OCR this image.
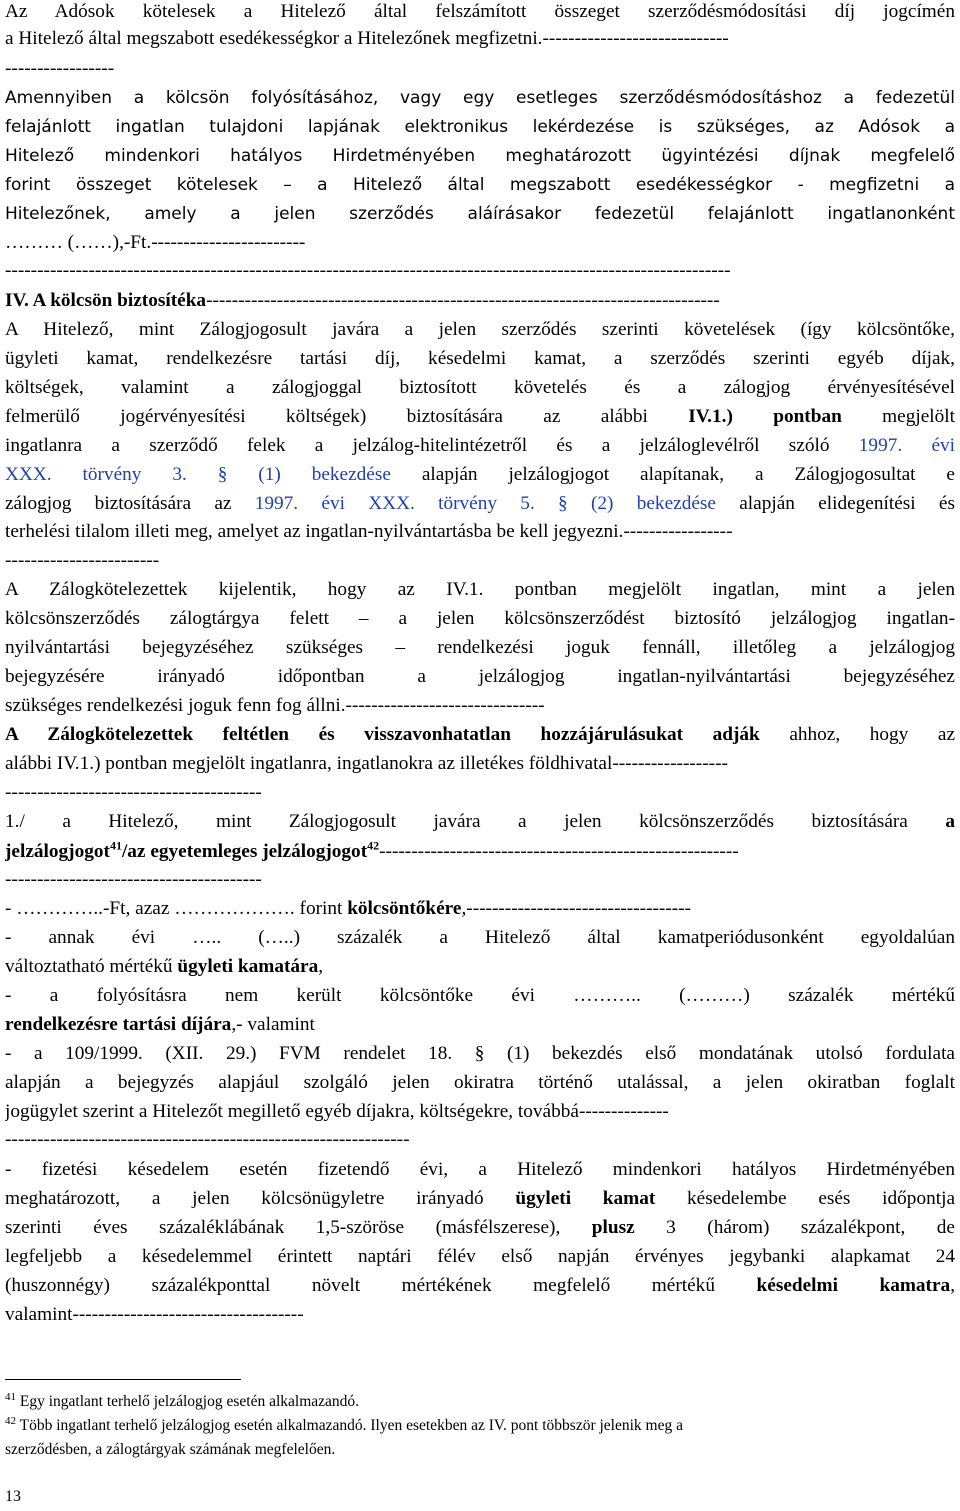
Az Adósok kötelesek a Hitelező által felszámított összeget szerződésmódosítási díj jogcímén
a Hitelező által megszabott esedékességkor a Hitelezőnek megfizetni.-----------------------------
-----------------
Amennyiben a kölcsön folyósításához, vagy egy esetleges szerződésmódosításhoz a fedezetül
felajánlott ingatlan tulajdoni lapjának elektronikus lekérdezése is szükséges, az Adósok a
Hitelező mindenkori hatályos Hirdetményében meghatározott ügyintézési díjnak megfelelő
forint összeget kötelesek – a Hitelező által megszabott esedékességkor - megfizetni a
Hitelezőnek, amely a jelen szerződés aláírásakor fedezetül felajánlott ingatlanonként
……… (……),-Ft.------------------------
-----------------------------------------------------------------------------------------------------------------
IV. A kölcsön biztosítéka--------------------------------------------------------------------------------
A Hitelező, mint Zálogjogosult javára a jelen szerződés szerinti követelések (így kölcsöntőke,
ügyleti kamat, rendelkezésre tartási díj, késedelmi kamat, a szerződés szerinti egyéb díjak,
költségek, valamint a zálogjoggal biztosított követelés és a zálogjog érvényesítésével
felmerülő jogérvényesítési költségek) biztosítására az alábbi IV.1.) pontban megjelölt
ingatlanra a szerződő felek a jelzálog-hitelintézetről és a jelzáloglevélről szóló 1997. évi
XXX. törvény 3. § (1) bekezdése alapján jelzálogjogot alapítanak, a Zálogjogosultat e
zálogjog biztosítására az 1997. évi XXX. törvény 5. § (2) bekezdése alapján elidegenítési és
terhelési tilalom illeti meg, amelyet az ingatlan-nyilvántartásba be kell jegyezni.-----------------
------------------------
A Zálogkötelezettek kijelentik, hogy az IV.1. pontban megjelölt ingatlan, mint a jelen
kölcsönszerződés zálogtárgya felett – a jelen kölcsönszerződést biztosító jelzálogjog ingatlan-
nyilvántartási bejegyzéséhez szükséges – rendelkezési joguk fennáll, illetőleg a jelzálogjog
bejegyzésére irányadó időpontban a jelzálogjog ingatlan-nyilvántartási bejegyzéséhez
szükséges rendelkezési joguk fenn fog állni.-------------------------------
A Zálogkötelezettek feltétlen és visszavonhatatlan hozzájárulásukat adják ahhoz, hogy az
alábbi IV.1.) pontban megjelölt ingatlanra, ingatlanokra az illetékes földhivatal------------------
----------------------------------------
1./ a Hitelező, mint Zálogjogosult javára a jelen kölcsönszerződés biztosítására a
jelzálogjogot$^{41}$/az egyetemleges jelzálogjogot$^{42}$--------------------------------------------------------
----------------------------------------
- …………..-Ft, azaz ………………. forint kölcsöntőkére,-----------------------------------
- annak évi ….. (…..) százalék a Hitelező által kamatperiódusonként egyoldalúan
változtatható mértékű ügyleti kamatára,
- a folyósításra nem került kölcsöntőke évi ……….. (………) százalék mértékű
rendelkezésre tartási díjára,- valamint
- a 109/1999. (XII. 29.) FVM rendelet 18. § (1) bekezdés első mondatának utolsó fordulata
alapján a bejegyzés alapjául szolgáló jelen okiratra történő utalással, a jelen okiratban foglalt
jogügylet szerint a Hitelezőt megillető egyéb díjakra, költségekre, továbbá--------------
---------------------------------------------------------------
- fizetési késedelem esetén fizetendő évi, a Hitelező mindenkori hatályos Hirdetményében
meghatározott, a jelen kölcsönügyletre irányadó ügyleti kamat késedelembe esés időpontja
szerinti éves százaléklábának 1,5-szöröse (másfélszerese), plusz 3 (három) százalékpont, de
legfeljebb a késedelemmel érintett naptári félév első napján érvényes jegybanki alapkamat 24
(huszonnégy) százalékponttal növelt mértékének megfelelő mértékű késedelmi kamatra,
valamint------------------------------------
$^{41}$ Egy ingatlant terhelő jelzálogjog esetén alkalmazandó.
$^{42}$ Több ingatlant terhelő jelzálogjog esetén alkalmazandó. Ilyen esetekben az IV. pont többször jelenik meg a
szerződésben, a zálogtárgyak számának megfelelően.
13
